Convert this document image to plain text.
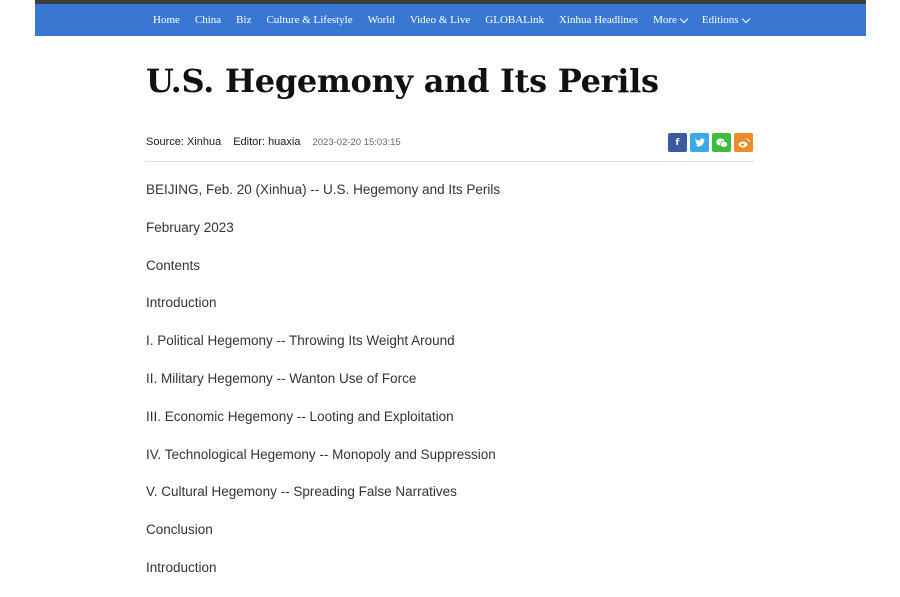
Home China Biz Culture & Lifestyle World Video & Live GLOBALink Xinhua Headlines More Editions
U.S. Hegemony and Its Perils
Source: Xinhua Editor: huaxia 2023-02-20 15:03:15	f

BEIJING, Feb. 20 (Xinhua) -- U.S. Hegemony and Its Perils

February 2023

Contents

Introduction

I. Political Hegemony -- Throwing Its Weight Around

II. Military Hegemony -- Wanton Use of Force

III. Economic Hegemony -- Looting and Exploitation

IV. Technological Hegemony -- Monopoly and Suppression

V. Cultural Hegemony -- Spreading False Narratives

Conclusion

Introduction
